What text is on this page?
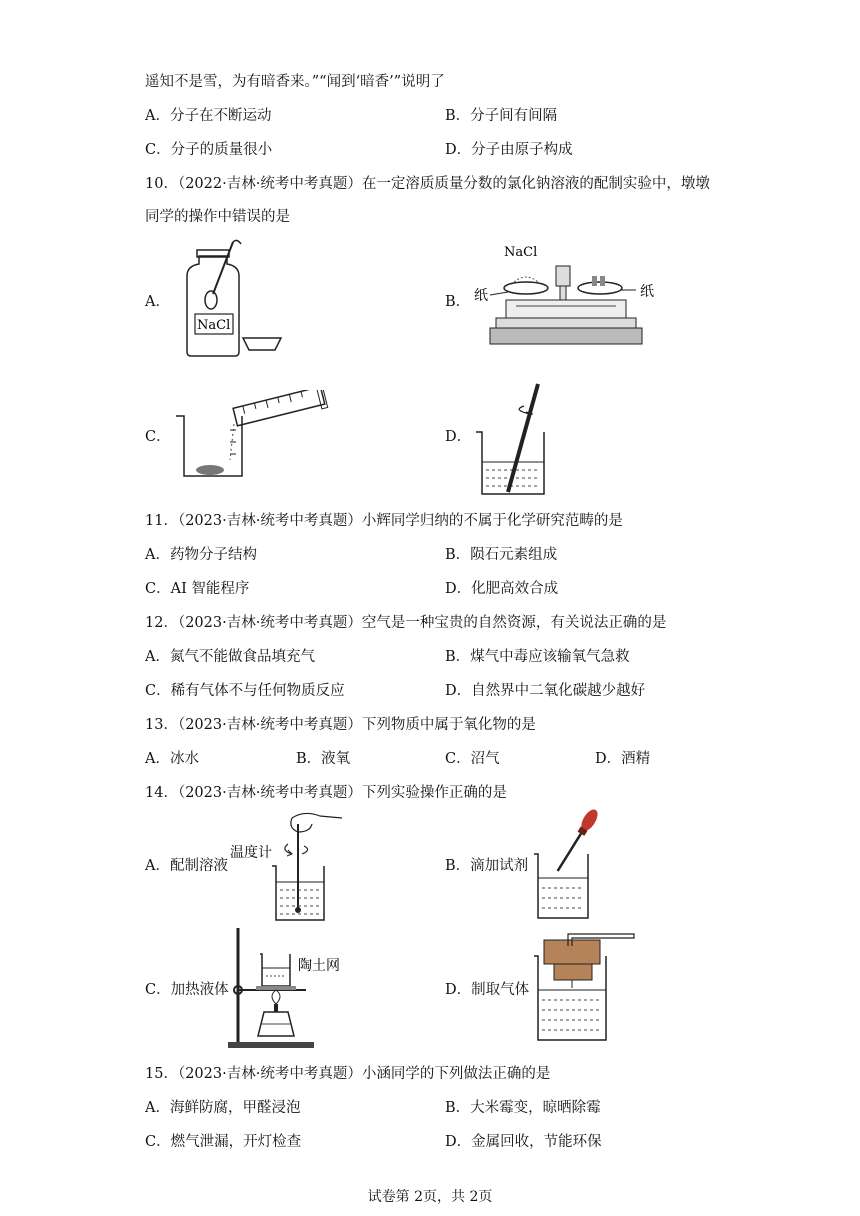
遥知不是雪，为有暗香来。”“闻到‘暗香’”说明了
A．分子在不断运动	B．分子间有间隔
C．分子的质量很小	D．分子由原子构成
10．（2022·吉林·统考中考真题）在一定溶质质量分数的氯化钠溶液的配制实验中，墩墩
同学的操作中错误的是
A．
NaCl
B．
NaCl
纸	纸
C．	D．
11．（2023·吉林·统考中考真题）小辉同学归纳的不属于化学研究范畴的是
A．药物分子结构	B．陨石元素组成
C．AI 智能程序	D．化肥高效合成
12．（2023·吉林·统考中考真题）空气是一种宝贵的自然资源，有关说法正确的是
A．氮气不能做食品填充气	B．煤气中毒应该输氧气急救
C．稀有气体不与任何物质反应	D．自然界中二氧化碳越少越好
13．（2023·吉林·统考中考真题）下列物质中属于氧化物的是
A．冰水	B．液氧	C．沼气	D．酒精
14．（2023·吉林·统考中考真题）下列实验操作正确的是
A．配制溶液
温度计
B．滴加试剂
C．加热液体
陶土网
D．制取气体
15．（2023·吉林·统考中考真题）小涵同学的下列做法正确的是
A．海鲜防腐，甲醛浸泡	B．大米霉变，晾晒除霉
C．燃气泄漏，开灯检查	D．金属回收，节能环保
试卷第 2页，共 2页
